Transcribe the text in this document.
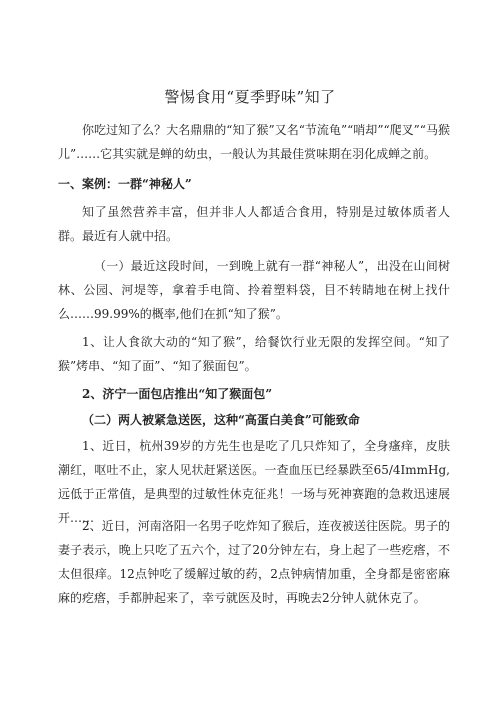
警惕食用“夏季野味”知了
你吃过知了么？大名鼎鼎的“知了猴”又名“节流龟”“哨却”“爬叉”“马猴儿”……它其实就是蝉的幼虫，一般认为其最佳赏味期在羽化成蝉之前。
一、案例：一群“神秘人”
知了虽然营养丰富，但并非人人都适合食用，特别是过敏体质者人群。最近有人就中招。
（一）最近这段时间，一到晚上就有一群“神秘人”，出没在山间树林、公园、河堤等，拿着手电筒、拎着塑料袋，目不转睛地在树上找什么……99.99%的概率,他们在抓“知了猴”。
1、让人食欲大动的“知了猴”，给餐饮行业无限的发挥空间。“知了猴”烤串、“知了面”、“知了猴面包”。
2、济宁一面包店推出“知了猴面包”
（二）两人被紧急送医，这种“高蛋白美食”可能致命
1、近日，杭州39岁的方先生也是吃了几只炸知了，全身瘙痒，皮肤潮红，呕吐不止，家人见状赶紧送医。一查血压已经暴跌至65/4ImmHg,远低于正常值，是典型的过敏性休克征兆！一场与死神赛跑的急救迅速展开……
2、近日，河南洛阳一名男子吃炸知了猴后，连夜被送往医院。男子的妻子表示，晚上只吃了五六个，过了20分钟左右，身上起了一些疙瘩，不太但很痒。12点钟吃了缓解过敏的药，2点钟病情加重，全身都是密密麻麻的疙瘩，手都肿起来了，幸亏就医及时，再晚去2分钟人就休克了。
